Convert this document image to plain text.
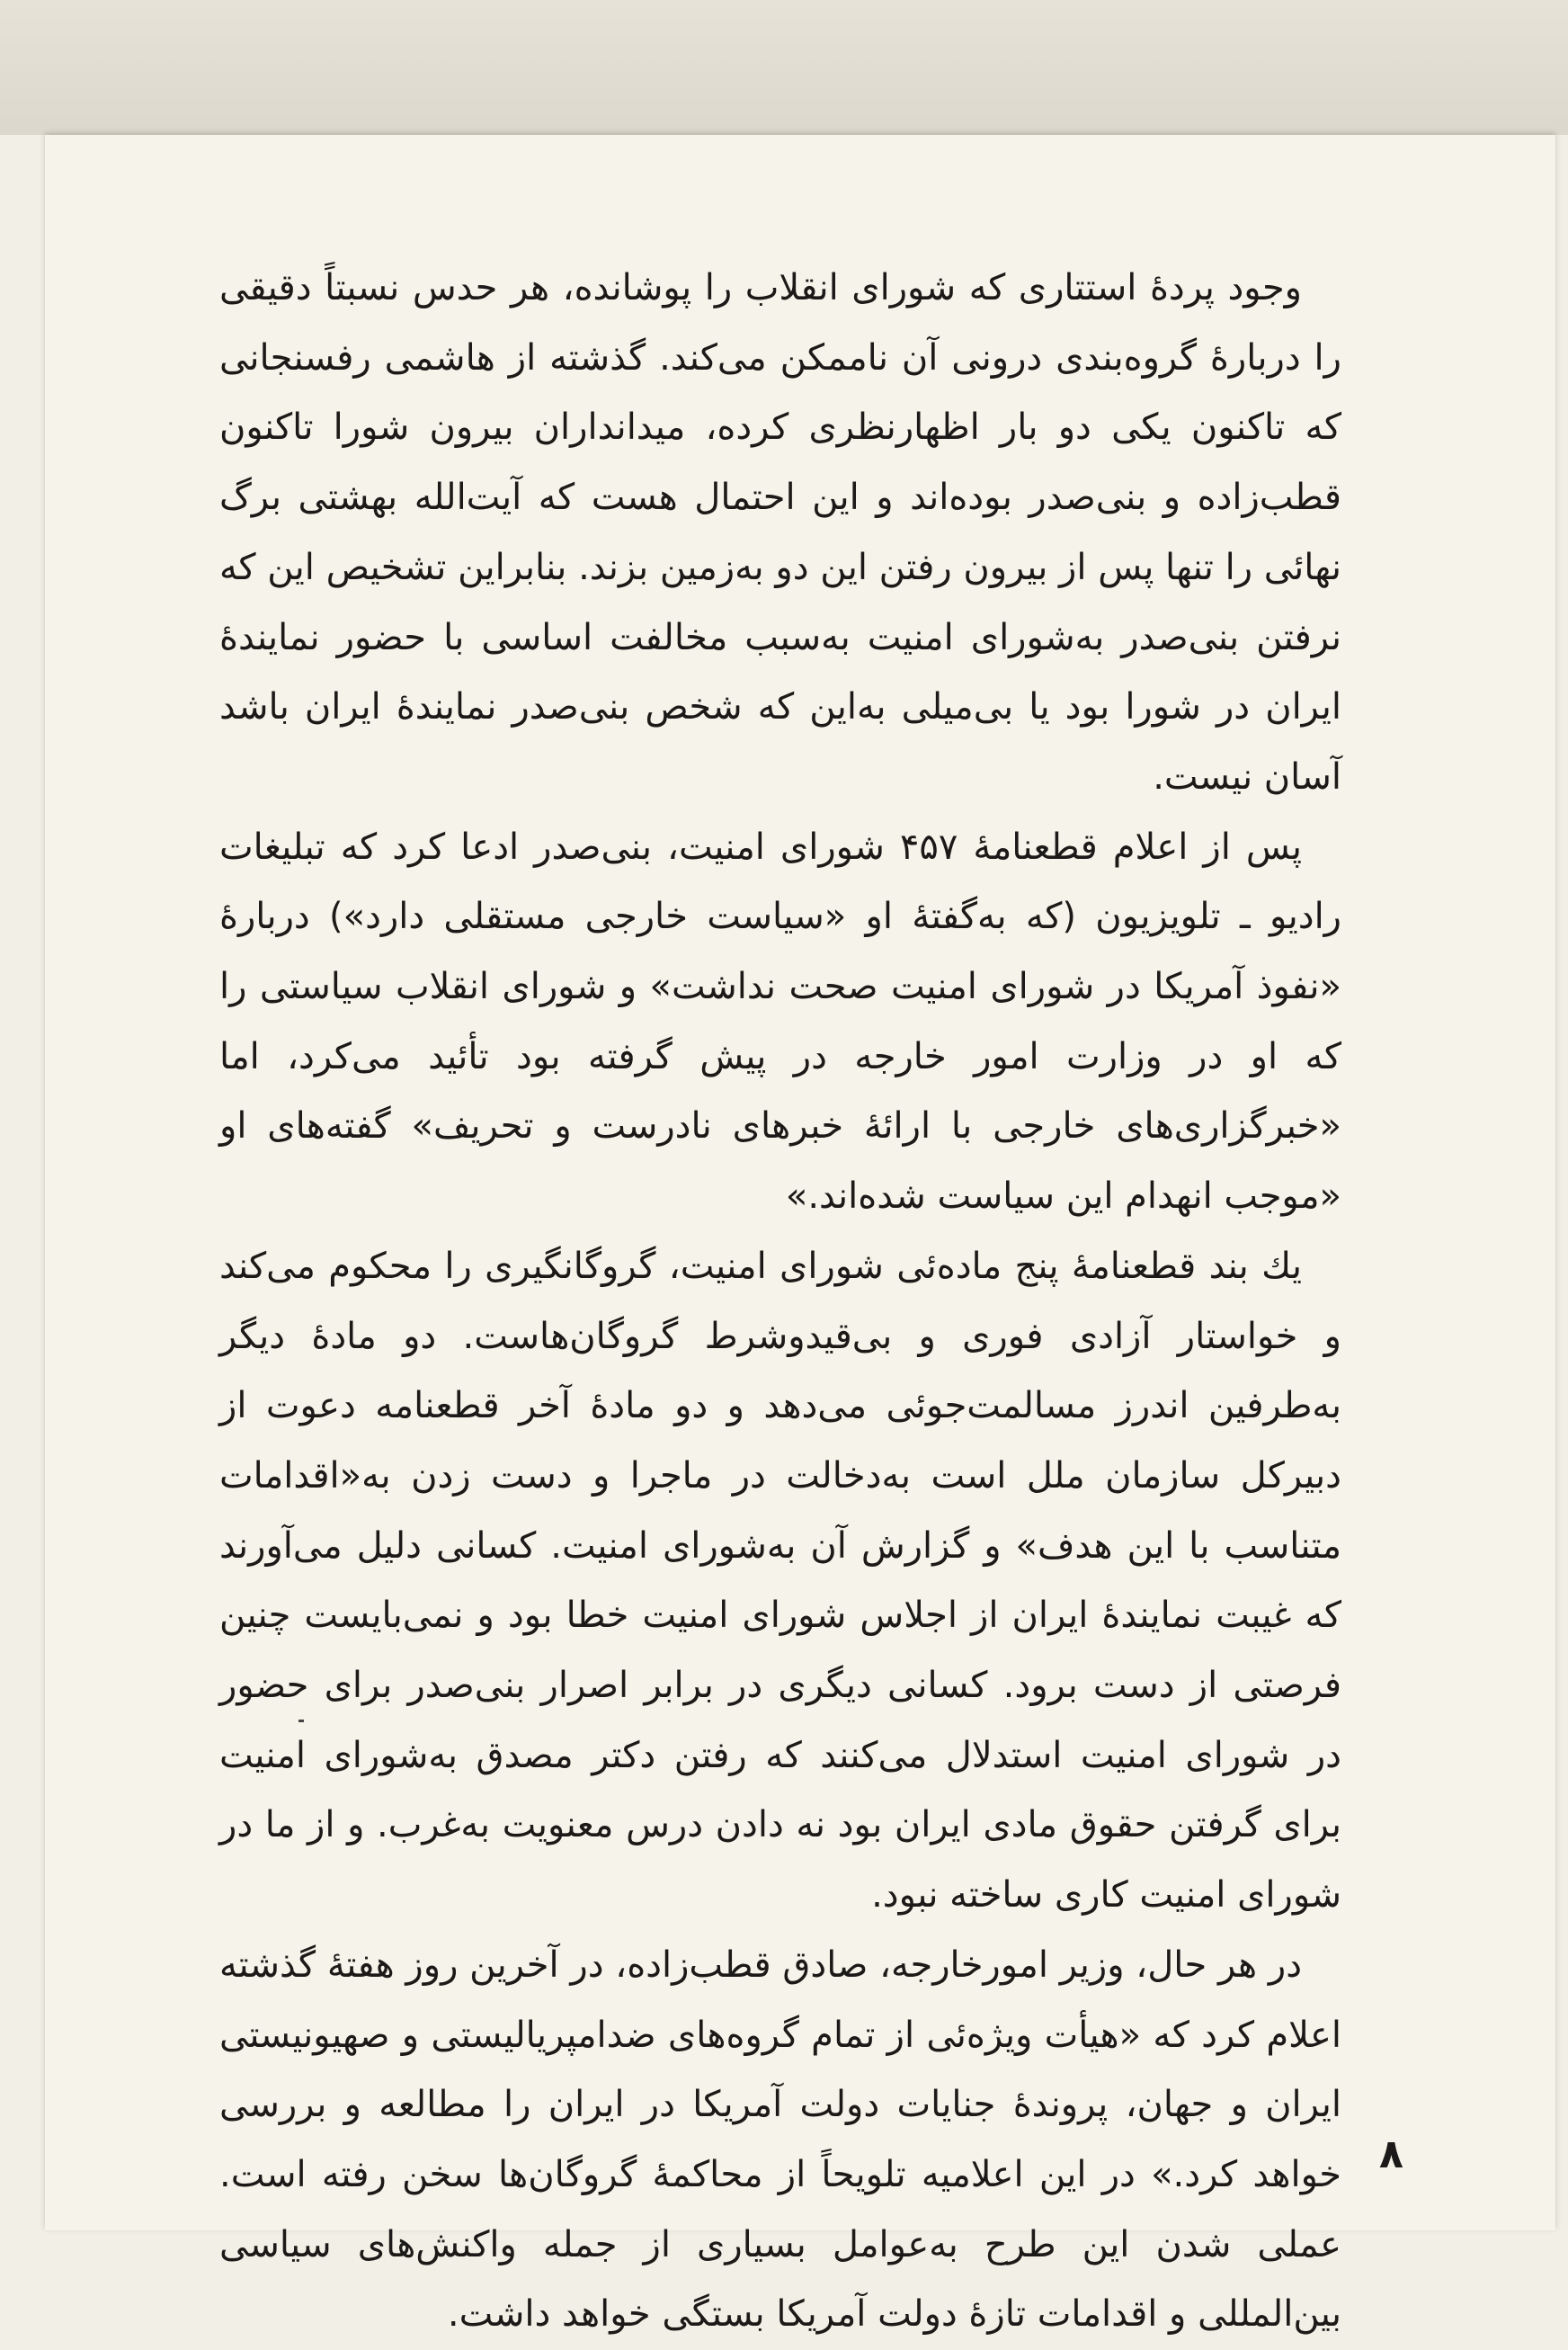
وجود پردهٔ استتاری که شورای انقلاب را پوشانده، هر حدس نسبتاً دقیقی را دربارهٔ گروه‌بندی درونی آن ناممکن می‌کند. گذشته از هاشمی رفسنجانی که تاکنون یکی دو بار اظهارنظری کرده، میدانداران بیرون شورا تاکنون قطب‌زاده و بنی‌صدر بوده‌اند و این احتمال هست که آیت‌الله بهشتی برگ نهائی را تنها پس از بیرون رفتن این دو به‌زمین بزند. بنابراین تشخیص این که نرفتن بنی‌صدر به‌شورای امنیت به‌سبب مخالفت اساسی با حضور نمایندهٔ ایران در شورا بود یا بی‌میلی به‌این که شخص بنی‌صدر نمایندهٔ ایران باشد آسان نیست.

پس از اعلام قطعنامهٔ ۴۵۷ شورای امنیت، بنی‌صدر ادعا کرد که تبلیغات رادیو ـ تلویزیون (که به‌گفتهٔ او «سیاست خارجی مستقلی دارد») دربارهٔ «نفوذ آمریکا در شورای امنیت صحت نداشت» و شورای انقلاب سیاستی را که او در وزارت امور خارجه در پیش گرفته بود تأئید می‌کرد، اما «خبرگزاری‌های خارجی با ارائهٔ خبرهای نادرست و تحریف» گفته‌های او «موجب انهدام این سیاست شده‌اند.»

یك بند قطعنامهٔ پنج ماده‌ئی شورای امنیت، گروگانگیری را محکوم می‌کند و خواستار آزادی فوری و بی‌قیدوشرط گروگان‌هاست. دو مادهٔ دیگر به‌طرفین اندرز مسالمت‌جوئی می‌دهد و دو مادهٔ آخر قطعنامه دعوت از دبیرکل سازمان ملل است به‌دخالت در ماجرا و دست زدن به«اقدامات متناسب با این هدف» و گزارش آن به‌شورای امنیت. کسانی دلیل می‌آورند که غیبت نمایندهٔ ایران از اجلاس شورای امنیت خطا بود و نمی‌بایست چنین فرصتی از دست برود. کسانی دیگری در برابر اصرار بنی‌صدر برای حضور در شورای امنیت استدلال می‌کنند که رفتن دکتر مصدق به‌شورای امنیت برای گرفتن حقوق مادی ایران بود نه دادن درس معنویت به‌غرب. و از ما در شورای امنیت کاری ساخته نبود.

در هر حال، وزیر امورخارجه، صادق قطب‌زاده، در آخرین روز هفتهٔ گذشته اعلام کرد که «هیأت ویژه‌ئی از تمام گروه‌های ضدامپریالیستی و صهیونیستی ایران و جهان، پروندهٔ جنایات دولت آمریکا در ایران را مطالعه و بررسی خواهد کرد.» در این اعلامیه تلویحاً از محاکمهٔ گروگان‌ها سخن رفته است. عملی شدن این طرح به‌عوامل بسیاری از جمله واکنش‌های سیاسی بین‌المللی و اقدامات تازهٔ دولت آمریکا بستگی خواهد داشت.

۸
